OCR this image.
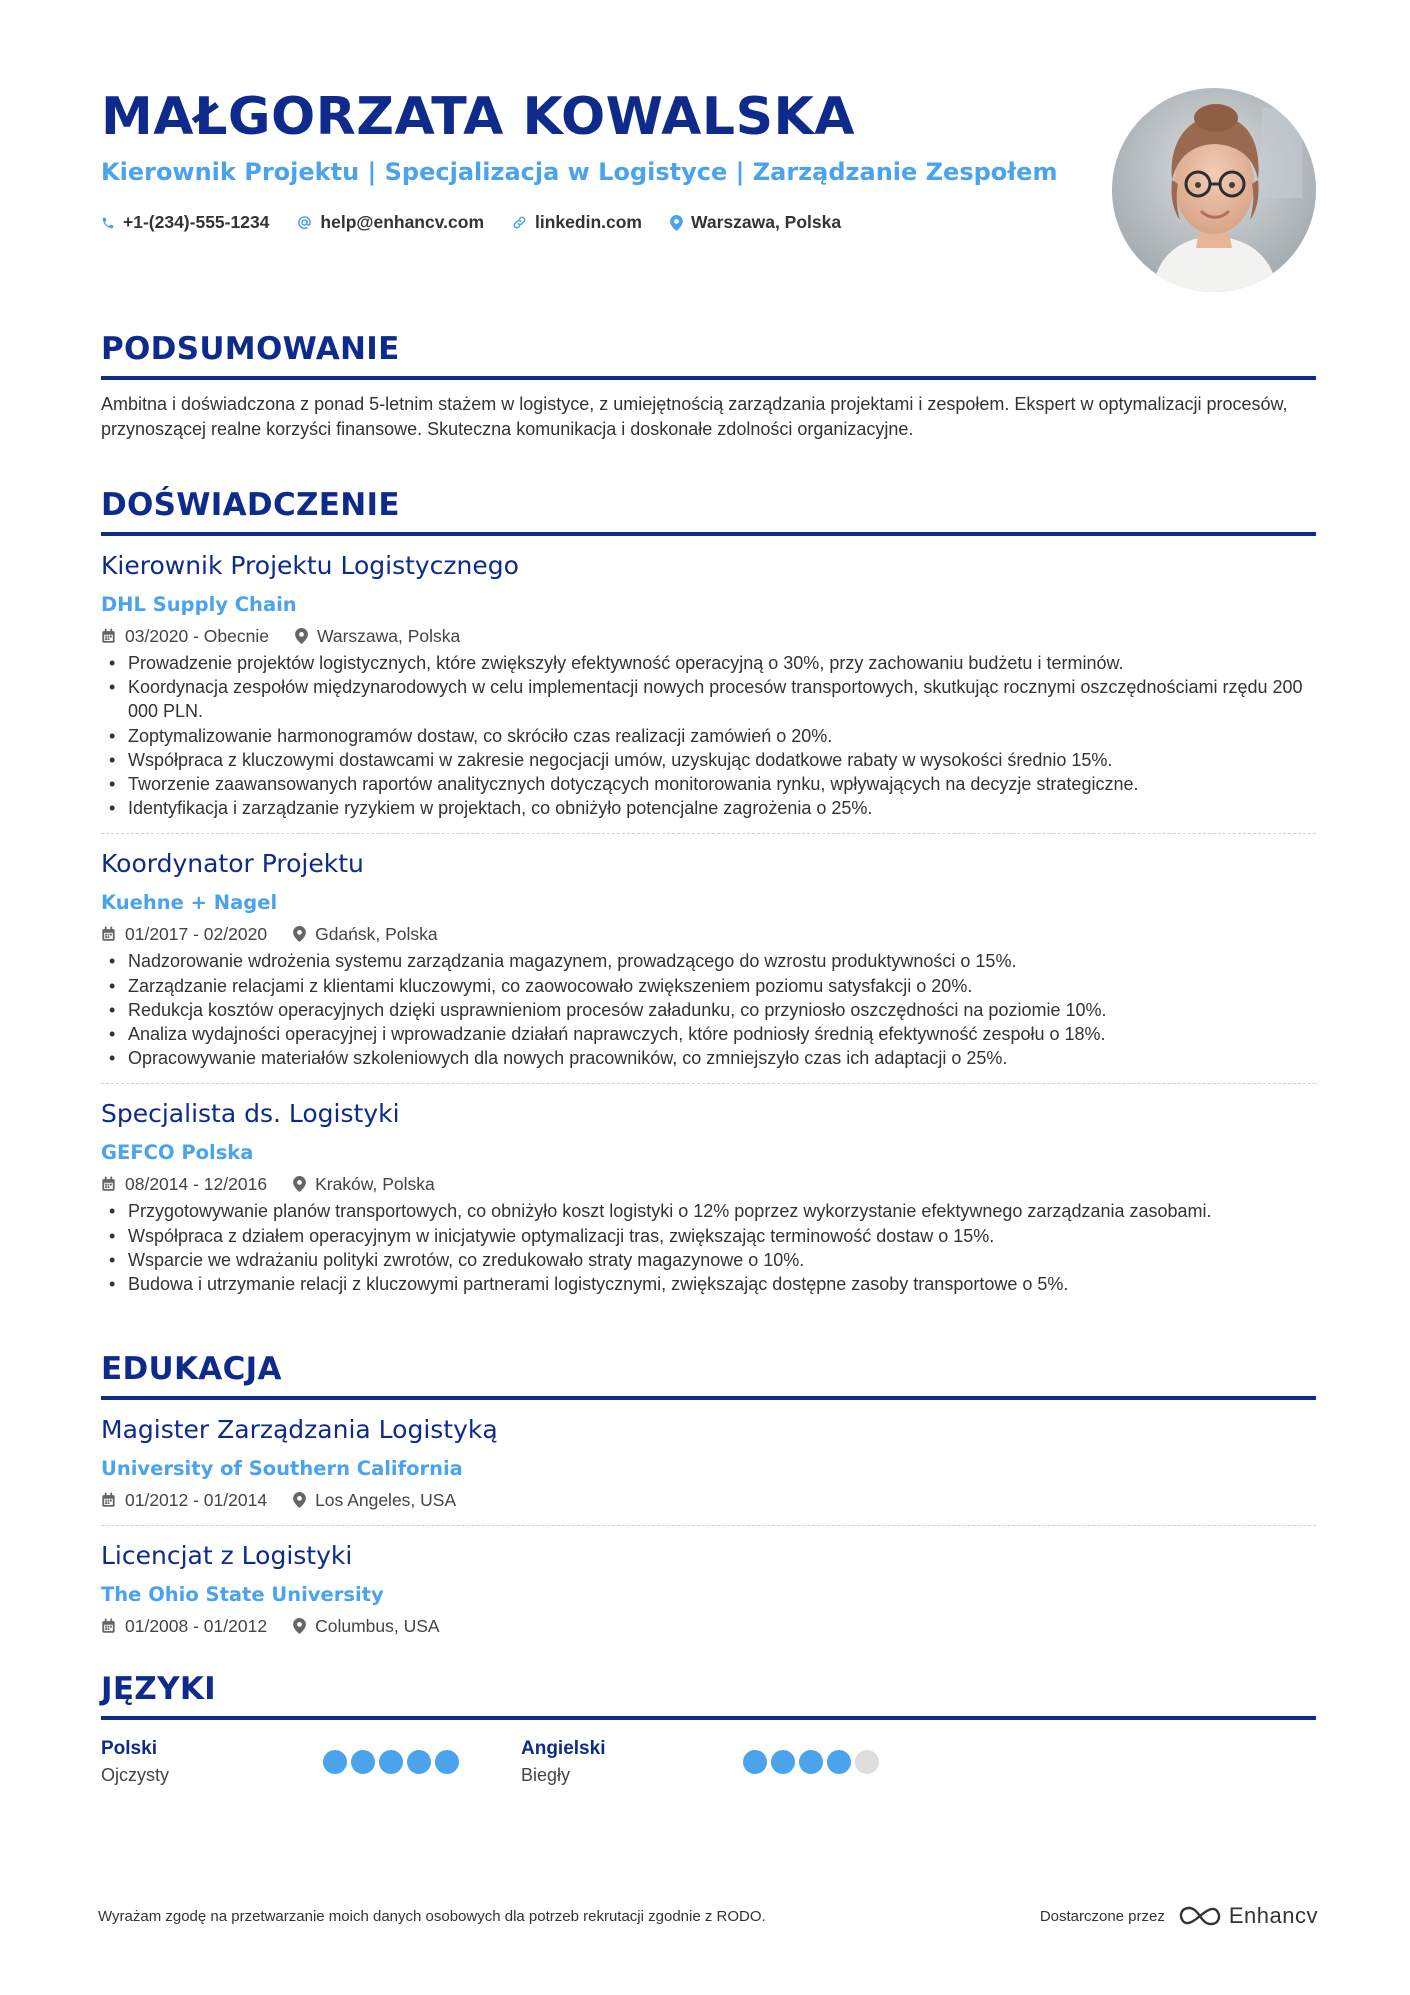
MAŁGORZATA KOWALSKA
Kierownik Projektu | Specjalizacja w Logistyce | Zarządzanie Zespołem
+1-(234)-555-1234	help@enhancv.com	linkedin.com	Warszawa, Polska
PODSUMOWANIE
Ambitna i doświadczona z ponad 5-letnim stażem w logistyce, z umiejętnością zarządzania projektami i zespołem. Ekspert w optymalizacji procesów, przynoszącej realne korzyści finansowe. Skuteczna komunikacja i doskonałe zdolności organizacyjne.
DOŚWIADCZENIE
Kierownik Projektu Logistycznego
DHL Supply Chain
03/2020 - Obecnie	Warszawa, Polska
• Prowadzenie projektów logistycznych, które zwiększyły efektywność operacyjną o 30%, przy zachowaniu budżetu i terminów.
• Koordynacja zespołów międzynarodowych w celu implementacji nowych procesów transportowych, skutkując rocznymi oszczędnościami rzędu 200 000 PLN.
• Zoptymalizowanie harmonogramów dostaw, co skróciło czas realizacji zamówień o 20%.
• Współpraca z kluczowymi dostawcami w zakresie negocjacji umów, uzyskując dodatkowe rabaty w wysokości średnio 15%.
• Tworzenie zaawansowanych raportów analitycznych dotyczących monitorowania rynku, wpływających na decyzje strategiczne.
• Identyfikacja i zarządzanie ryzykiem w projektach, co obniżyło potencjalne zagrożenia o 25%.
Koordynator Projektu
Kuehne + Nagel
01/2017 - 02/2020	Gdańsk, Polska
• Nadzorowanie wdrożenia systemu zarządzania magazynem, prowadzącego do wzrostu produktywności o 15%.
• Zarządzanie relacjami z klientami kluczowymi, co zaowocowało zwiększeniem poziomu satysfakcji o 20%.
• Redukcja kosztów operacyjnych dzięki usprawnieniom procesów załadunku, co przyniosło oszczędności na poziomie 10%.
• Analiza wydajności operacyjnej i wprowadzanie działań naprawczych, które podniosły średnią efektywność zespołu o 18%.
• Opracowywanie materiałów szkoleniowych dla nowych pracowników, co zmniejszyło czas ich adaptacji o 25%.
Specjalista ds. Logistyki
GEFCO Polska
08/2014 - 12/2016	Kraków, Polska
• Przygotowywanie planów transportowych, co obniżyło koszt logistyki o 12% poprzez wykorzystanie efektywnego zarządzania zasobami.
• Współpraca z działem operacyjnym w inicjatywie optymalizacji tras, zwiększając terminowość dostaw o 15%.
• Wsparcie we wdrażaniu polityki zwrotów, co zredukowało straty magazynowe o 10%.
• Budowa i utrzymanie relacji z kluczowymi partnerami logistycznymi, zwiększając dostępne zasoby transportowe o 5%.
EDUKACJA
Magister Zarządzania Logistyką
University of Southern California
01/2012 - 01/2014	Los Angeles, USA
Licencjat z Logistyki
The Ohio State University
01/2008 - 01/2012	Columbus, USA
JĘZYKI
Polski
Ojczysty
Angielski
Biegły
Wyrażam zgodę na przetwarzanie moich danych osobowych dla potrzeb rekrutacji zgodnie z RODO.	Dostarczone przez	Enhancv
